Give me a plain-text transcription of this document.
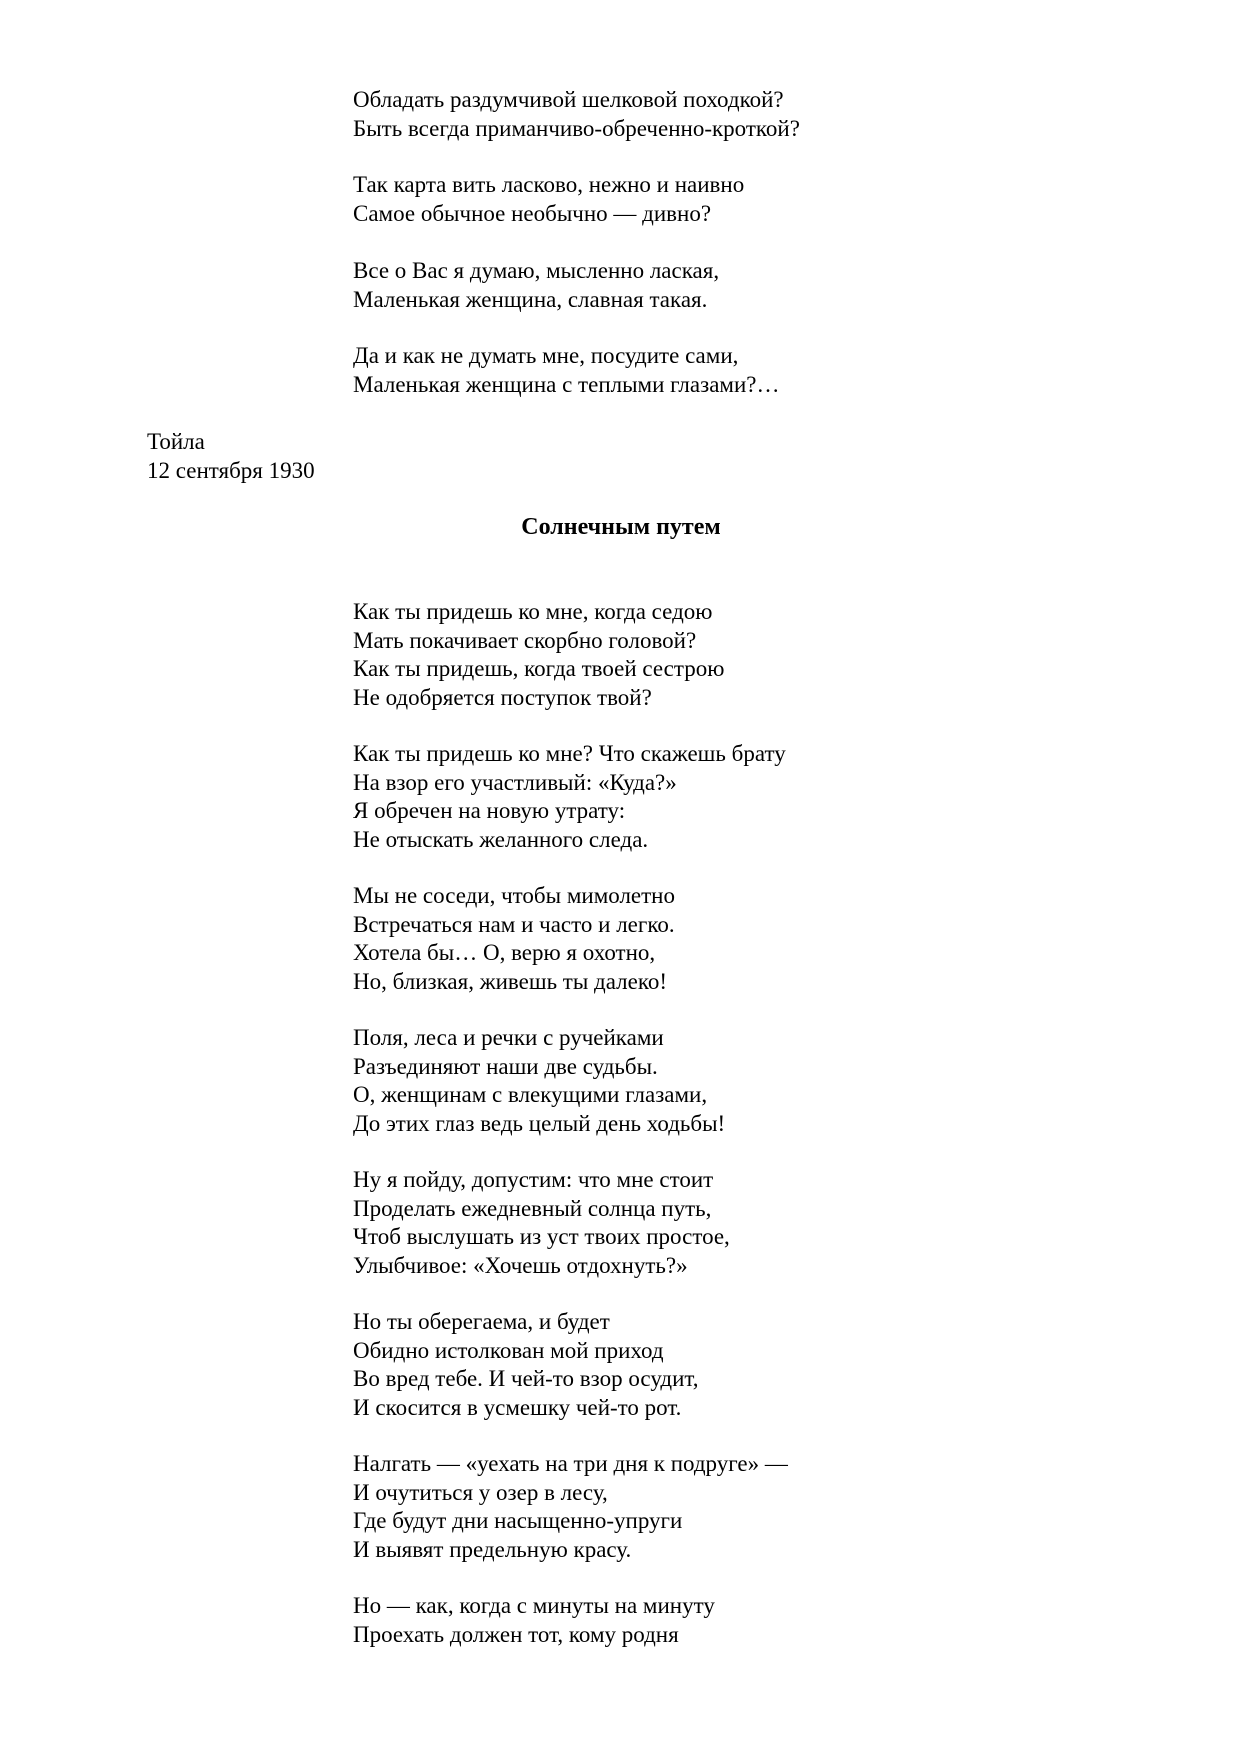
Обладать раздумчивой шелковой походкой?
Быть всегда приманчиво-обреченно-кроткой?
Так карта вить ласково, нежно и наивно
Самое обычное необычно — дивно?
Все о Вас я думаю, мысленно лаская,
Маленькая женщина, славная такая.
Да и как не думать мне, посудите сами,
Маленькая женщина с теплыми глазами?…
Тойла
12 сентября 1930
Солнечным путем
Как ты придешь ко мне, когда седою
Мать покачивает скорбно головой?
Как ты придешь, когда твоей сестрою
Не одобряется поступок твой?
Как ты придешь ко мне? Что скажешь брату
На взор его участливый: «Куда?»
Я обречен на новую утрату:
Не отыскать желанного следа.
Мы не соседи, чтобы мимолетно
Встречаться нам и часто и легко.
Хотела бы… О, верю я охотно,
Но, близкая, живешь ты далеко!
Поля, леса и речки с ручейками
Разъединяют наши две судьбы.
О, женщинам с влекущими глазами,
До этих глаз ведь целый день ходьбы!
Ну я пойду, допустим: что мне стоит
Проделать ежедневный солнца путь,
Чтоб выслушать из уст твоих простое,
Улыбчивое: «Хочешь отдохнуть?»
Но ты оберегаема, и будет
Обидно истолкован мой приход
Во вред тебе. И чей-то взор осудит,
И скосится в усмешку чей-то рот.
Налгать — «уехать на три дня к подруге» —
И очутиться у озер в лесу,
Где будут дни насыщенно-упруги
И выявят предельную красу.
Но — как, когда с минуты на минуту
Проехать должен тот, кому родня
